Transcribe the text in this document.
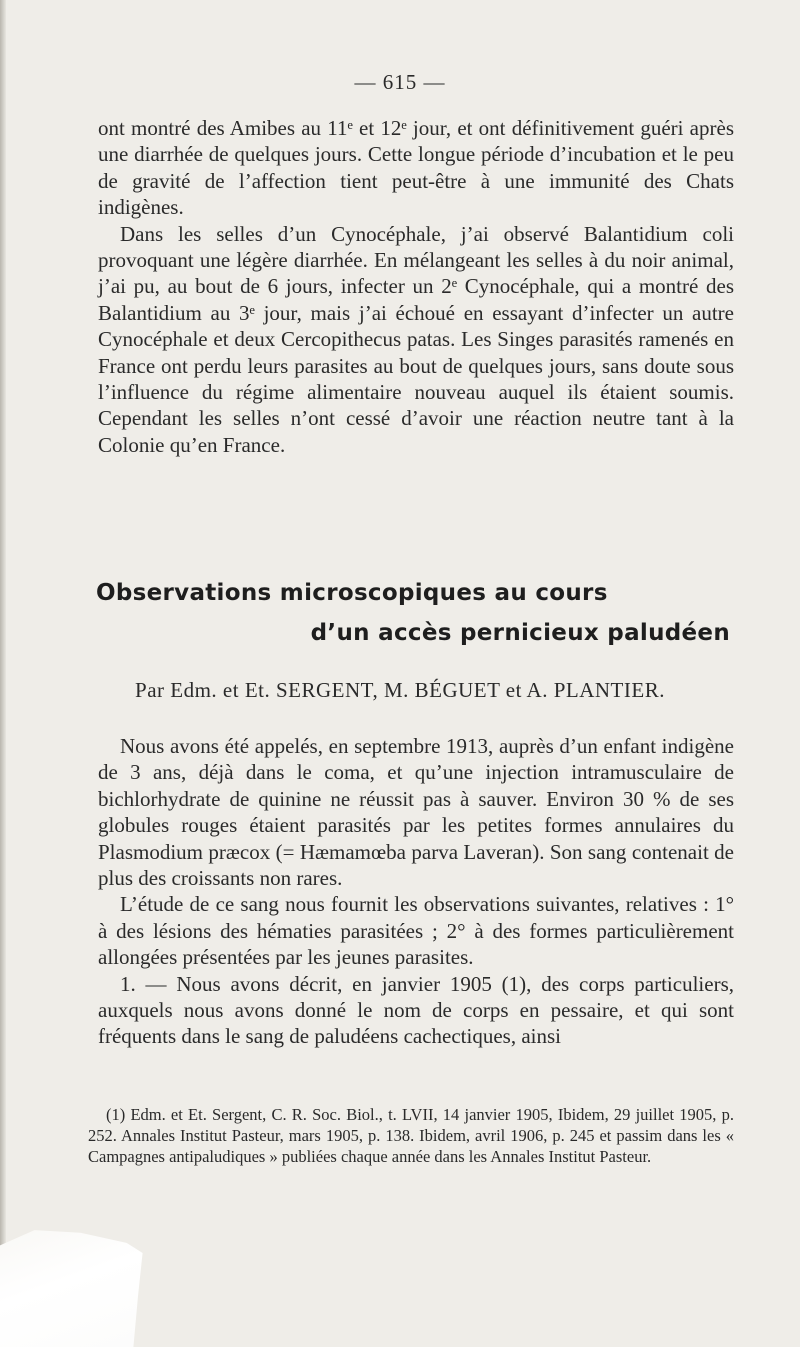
— 615 —

ont montré des Amibes au 11ᵉ et 12ᵉ jour, et ont définitivement guéri après une diarrhée de quelques jours. Cette longue période d’incubation et le peu de gravité de l’affection tient peut-être à une immunité des Chats indigènes.

Dans les selles d’un Cynocéphale, j’ai observé Balantidium coli provoquant une légère diarrhée. En mélangeant les selles à du noir animal, j’ai pu, au bout de 6 jours, infecter un 2ᵉ Cynocéphale, qui a montré des Balantidium au 3ᵉ jour, mais j’ai échoué en essayant d’infecter un autre Cynocéphale et deux Cercopithecus patas. Les Singes parasités ramenés en France ont perdu leurs parasites au bout de quelques jours, sans doute sous l’influence du régime alimentaire nouveau auquel ils étaient soumis. Cependant les selles n’ont cessé d’avoir une réaction neutre tant à la Colonie qu’en France.

Observations microscopiques au cours
d’un accès pernicieux paludéen
Par Edm. et Et. SERGENT, M. BÉGUET et A. PLANTIER.

Nous avons été appelés, en septembre 1913, auprès d’un enfant indigène de 3 ans, déjà dans le coma, et qu’une injection intramusculaire de bichlorhydrate de quinine ne réussit pas à sauver. Environ 30 % de ses globules rouges étaient parasités par les petites formes annulaires du Plasmodium præcox (= Hæmamœba parva Laveran). Son sang contenait de plus des croissants non rares.

L’étude de ce sang nous fournit les observations suivantes, relatives : 1° à des lésions des hématies parasitées ; 2° à des formes particulièrement allongées présentées par les jeunes parasites.

1. — Nous avons décrit, en janvier 1905 (1), des corps particuliers, auxquels nous avons donné le nom de corps en pessaire, et qui sont fréquents dans le sang de paludéens cachectiques, ainsi

(1) Edm. et Et. Sergent, C. R. Soc. Biol., t. LVII, 14 janvier 1905, Ibidem, 29 juillet 1905, p. 252. Annales Institut Pasteur, mars 1905, p. 138. Ibidem, avril 1906, p. 245 et passim dans les « Campagnes antipaludiques » publiées chaque année dans les Annales Institut Pasteur.
